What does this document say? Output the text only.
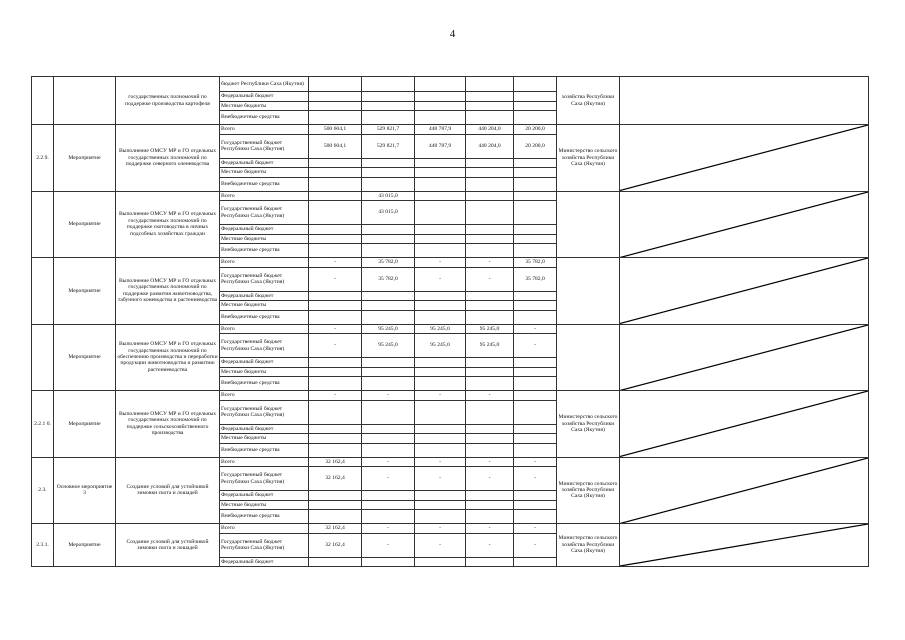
4
		государственных полномочий по поддержке производства картофеля	бюджет Республики Саха (Якутия)						хозяйства Республики Саха (Якутия)	
			Федеральный бюджет							
			Местные бюджеты							
			Внебюджетные средства							
2.2.9.	Мероприятие	Выполнение ОМСУ МР и ГО отдельных государственных полномочий по поддержке северного оленеводства	Всего	500 604,1	529 821,7	448 787,9	440 204,0	20 200,0	Министерство сельского хозяйства Республики Саха (Якутия)	

			Государственный бюджет Республики Саха (Якутия)	500 604,1	529 821,7	448 787,9	440 204,0	20 200,0		
			Федеральный бюджет							
			Местные бюджеты							
			Внебюджетные средства							
	Мероприятие	Выполнение ОМСУ МР и ГО отдельных государственных полномочий по поддержке скотоводства в личных подсобных хозяйствах граждан	Всего		43 015,0					

			Государственный бюджет Республики Саха (Якутия)		43 015,0					
			Федеральный бюджет							
			Местные бюджеты							
			Внебюджетные средства							
	Мероприятие	Выполнение ОМСУ МР и ГО отдельных государственных полномочий по поддержке развития животноводства, табунного коневодства и растениеводства	Всего	-	35 782,0	-	-	35 782,0		

			Государственный бюджет Республики Саха (Якутия)	-	35 782,0	-	-	35 782,0		
			Федеральный бюджет							
			Местные бюджеты							
			Внебюджетные средства							
	Мероприятие	Выполнение ОМСУ МР и ГО отдельных государственных полномочий по обеспечению производства и переработки продукции животноводства и развитию растениеводства	Всего	-	95 245,0	95 245,0	95 245,0	-		

			Государственный бюджет Республики Саха (Якутия)	-	95 245,0	95 245,0	95 245,0	-		
			Федеральный бюджет							
			Местные бюджеты							
			Внебюджетные средства							
2.2.1 0.	Мероприятие	Выполнение ОМСУ МР и ГО отдельных государственных полномочий по поддержке сельскохозяйственного производства	Всего	-	-	-	-		Министерство сельского хозяйства Республики Саха (Якутия)	

			Государственный бюджет Республики Саха (Якутия)							
			Федеральный бюджет							
			Местные бюджеты							
			Внебюджетные средства							
2.3.	Основное мероприятие 3	Создание условий для устойчивой зимовки скота и лошадей	Всего	32 162,4	-	-	-	-	Министерство сельского хозяйства Республики Саха (Якутия)	

			Государственный бюджет Республики Саха (Якутия)	32 162,4	-	-	-	-		
			Федеральный бюджет							
			Местные бюджеты							
			Внебюджетные средства							
2.3.1.	Мероприятие	Создание условий для устойчивой зимовки скота и лошадей	Всего	32 162,4	-	-	-	-	Министерство сельского хозяйства Республики Саха (Якутия)	

			Государственный бюджет Республики Саха (Якутия)	32 162,4	-	-	-	-		
			Федеральный бюджет							
